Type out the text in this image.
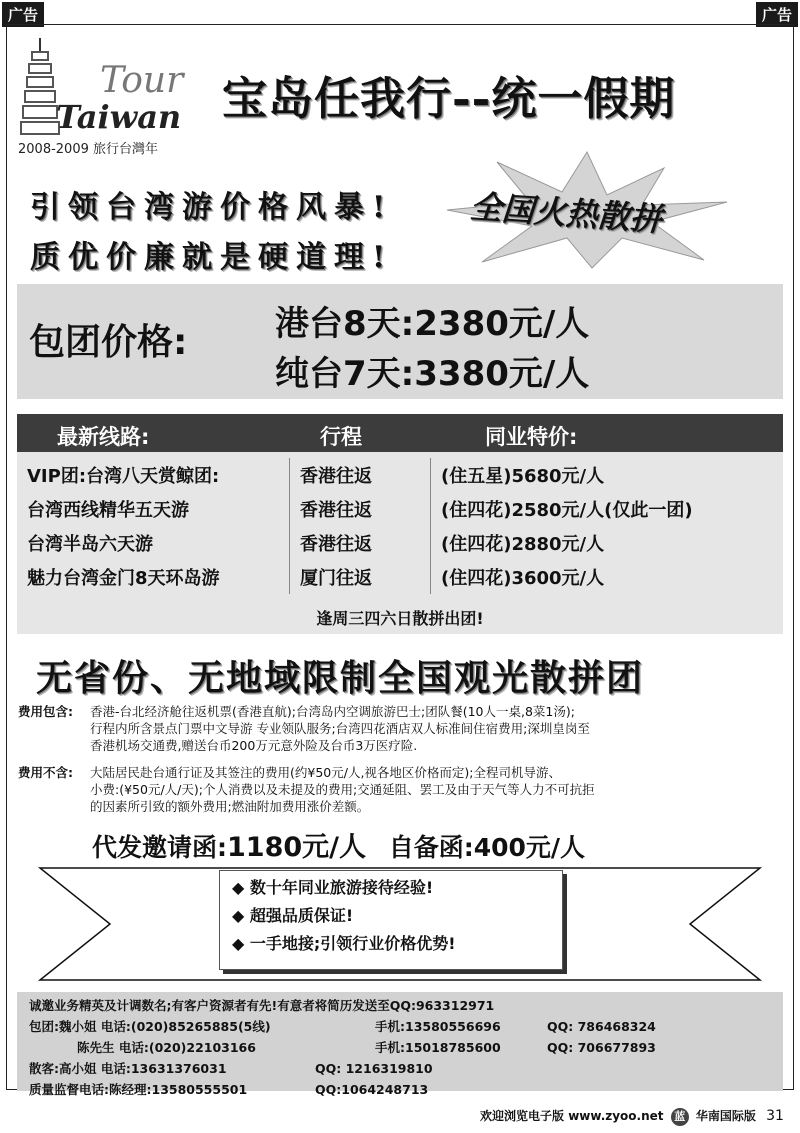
广告	广告
Tour
Taiwan
2008-2009 旅行台灣年
宝岛任我行--统一假期
引领台湾游价格风暴!
质优价廉就是硬道理!
全国火热散拼
包团价格:	港台8天:2380元/人
纯台7天:3380元/人
最新线路:	行程	同业特价:
VIP团:台湾八天赏鲸团:	香港往返	(住五星)5680元/人
台湾西线精华五天游	香港往返	(住四花)2580元/人(仅此一团)
台湾半岛六天游	香港往返	(住四花)2880元/人
魅力台湾金门8天环岛游	厦门往返	(住四花)3600元/人
逢周三四六日散拼出团!
无省份、无地域限制全国观光散拼团
费用包含: 香港-台北经济舱往返机票(香港直航);台湾岛内空调旅游巴士;团队餐(10人一桌,8菜1汤);
行程内所含景点门票中文导游 专业领队服务;台湾四花酒店双人标准间住宿费用;深圳皇岗至
香港机场交通费,赠送台币200万元意外险及台币3万医疗险.
费用不含: 大陆居民赴台通行证及其签注的费用(约¥50元/人,视各地区价格而定);全程司机导游、
小费:(¥50元/人/天);个人消费以及未提及的费用;交通延阻、罢工及由于天气等人力不可抗拒
的因素所引致的额外费用;燃油附加费用涨价差额。
代发邀请函:1180元/人 自备函:400元/人
◆ 数十年同业旅游接待经验!
◆ 超强品质保证!
◆ 一手地接;引领行业价格优势!
诚邀业务精英及计调数名;有客户资源者有先!有意者将简历发送至QQ:963312971
包团:魏小姐 电话:(020)85265885(5线)	手机:13580556696	QQ: 786468324
陈先生 电话:(020)22103166	手机:15018785600	QQ: 706677893
散客:高小姐 电话:13631376031	QQ: 1216319810
质量监督电话:陈经理:13580555501	QQ:1064248713
欢迎浏览电子版 www.zyoo.net 蓝 华南国际版 31
